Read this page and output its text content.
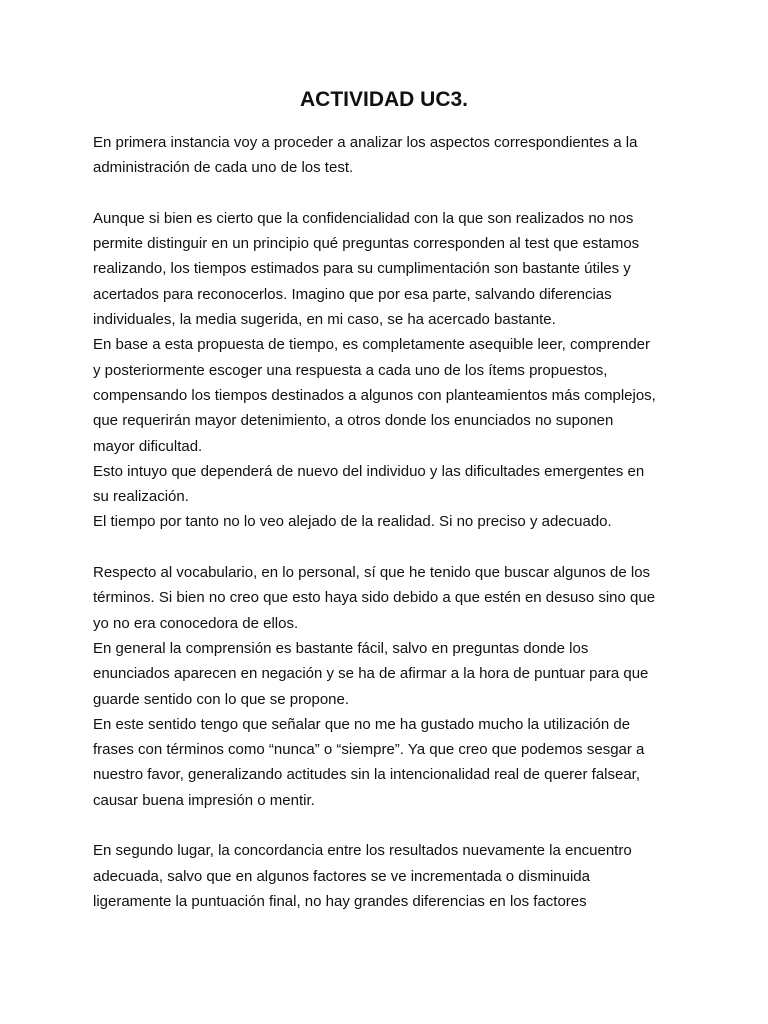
ACTIVIDAD UC3.
En primera instancia voy a proceder a analizar los aspectos correspondientes a la
administración de cada uno de los test.
Aunque si bien es cierto que la confidencialidad con la que son realizados no nos
permite distinguir en un principio qué preguntas corresponden al test que estamos
realizando, los tiempos estimados para su cumplimentación son bastante útiles y
acertados para reconocerlos. Imagino que por esa parte, salvando diferencias
individuales, la media sugerida, en mi caso, se ha acercado bastante.
En base a esta propuesta de tiempo, es completamente asequible leer, comprender
y posteriormente escoger una respuesta a cada uno de los ítems propuestos,
compensando los tiempos destinados a algunos con planteamientos más complejos,
que requerirán mayor detenimiento, a otros donde los enunciados no suponen
mayor dificultad.
Esto intuyo que dependerá de nuevo del individuo y las dificultades emergentes en
su realización.
El tiempo por tanto no lo veo alejado de la realidad. Si no preciso y adecuado.
Respecto al vocabulario, en lo personal, sí que he tenido que buscar algunos de los
términos. Si bien no creo que esto haya sido debido a que estén en desuso sino que
yo no era conocedora de ellos.
En general la comprensión es bastante fácil, salvo en preguntas donde los
enunciados aparecen en negación y se ha de afirmar a la hora de puntuar para que
guarde sentido con lo que se propone.
En este sentido tengo que señalar que no me ha gustado mucho la utilización de
frases con términos como “nunca” o “siempre”. Ya que creo que podemos sesgar a
nuestro favor, generalizando actitudes sin la intencionalidad real de querer falsear,
causar buena impresión o mentir.
En segundo lugar, la concordancia entre los resultados nuevamente la encuentro
adecuada, salvo que en algunos factores se ve incrementada o disminuida
ligeramente la puntuación final, no hay grandes diferencias en los factores
